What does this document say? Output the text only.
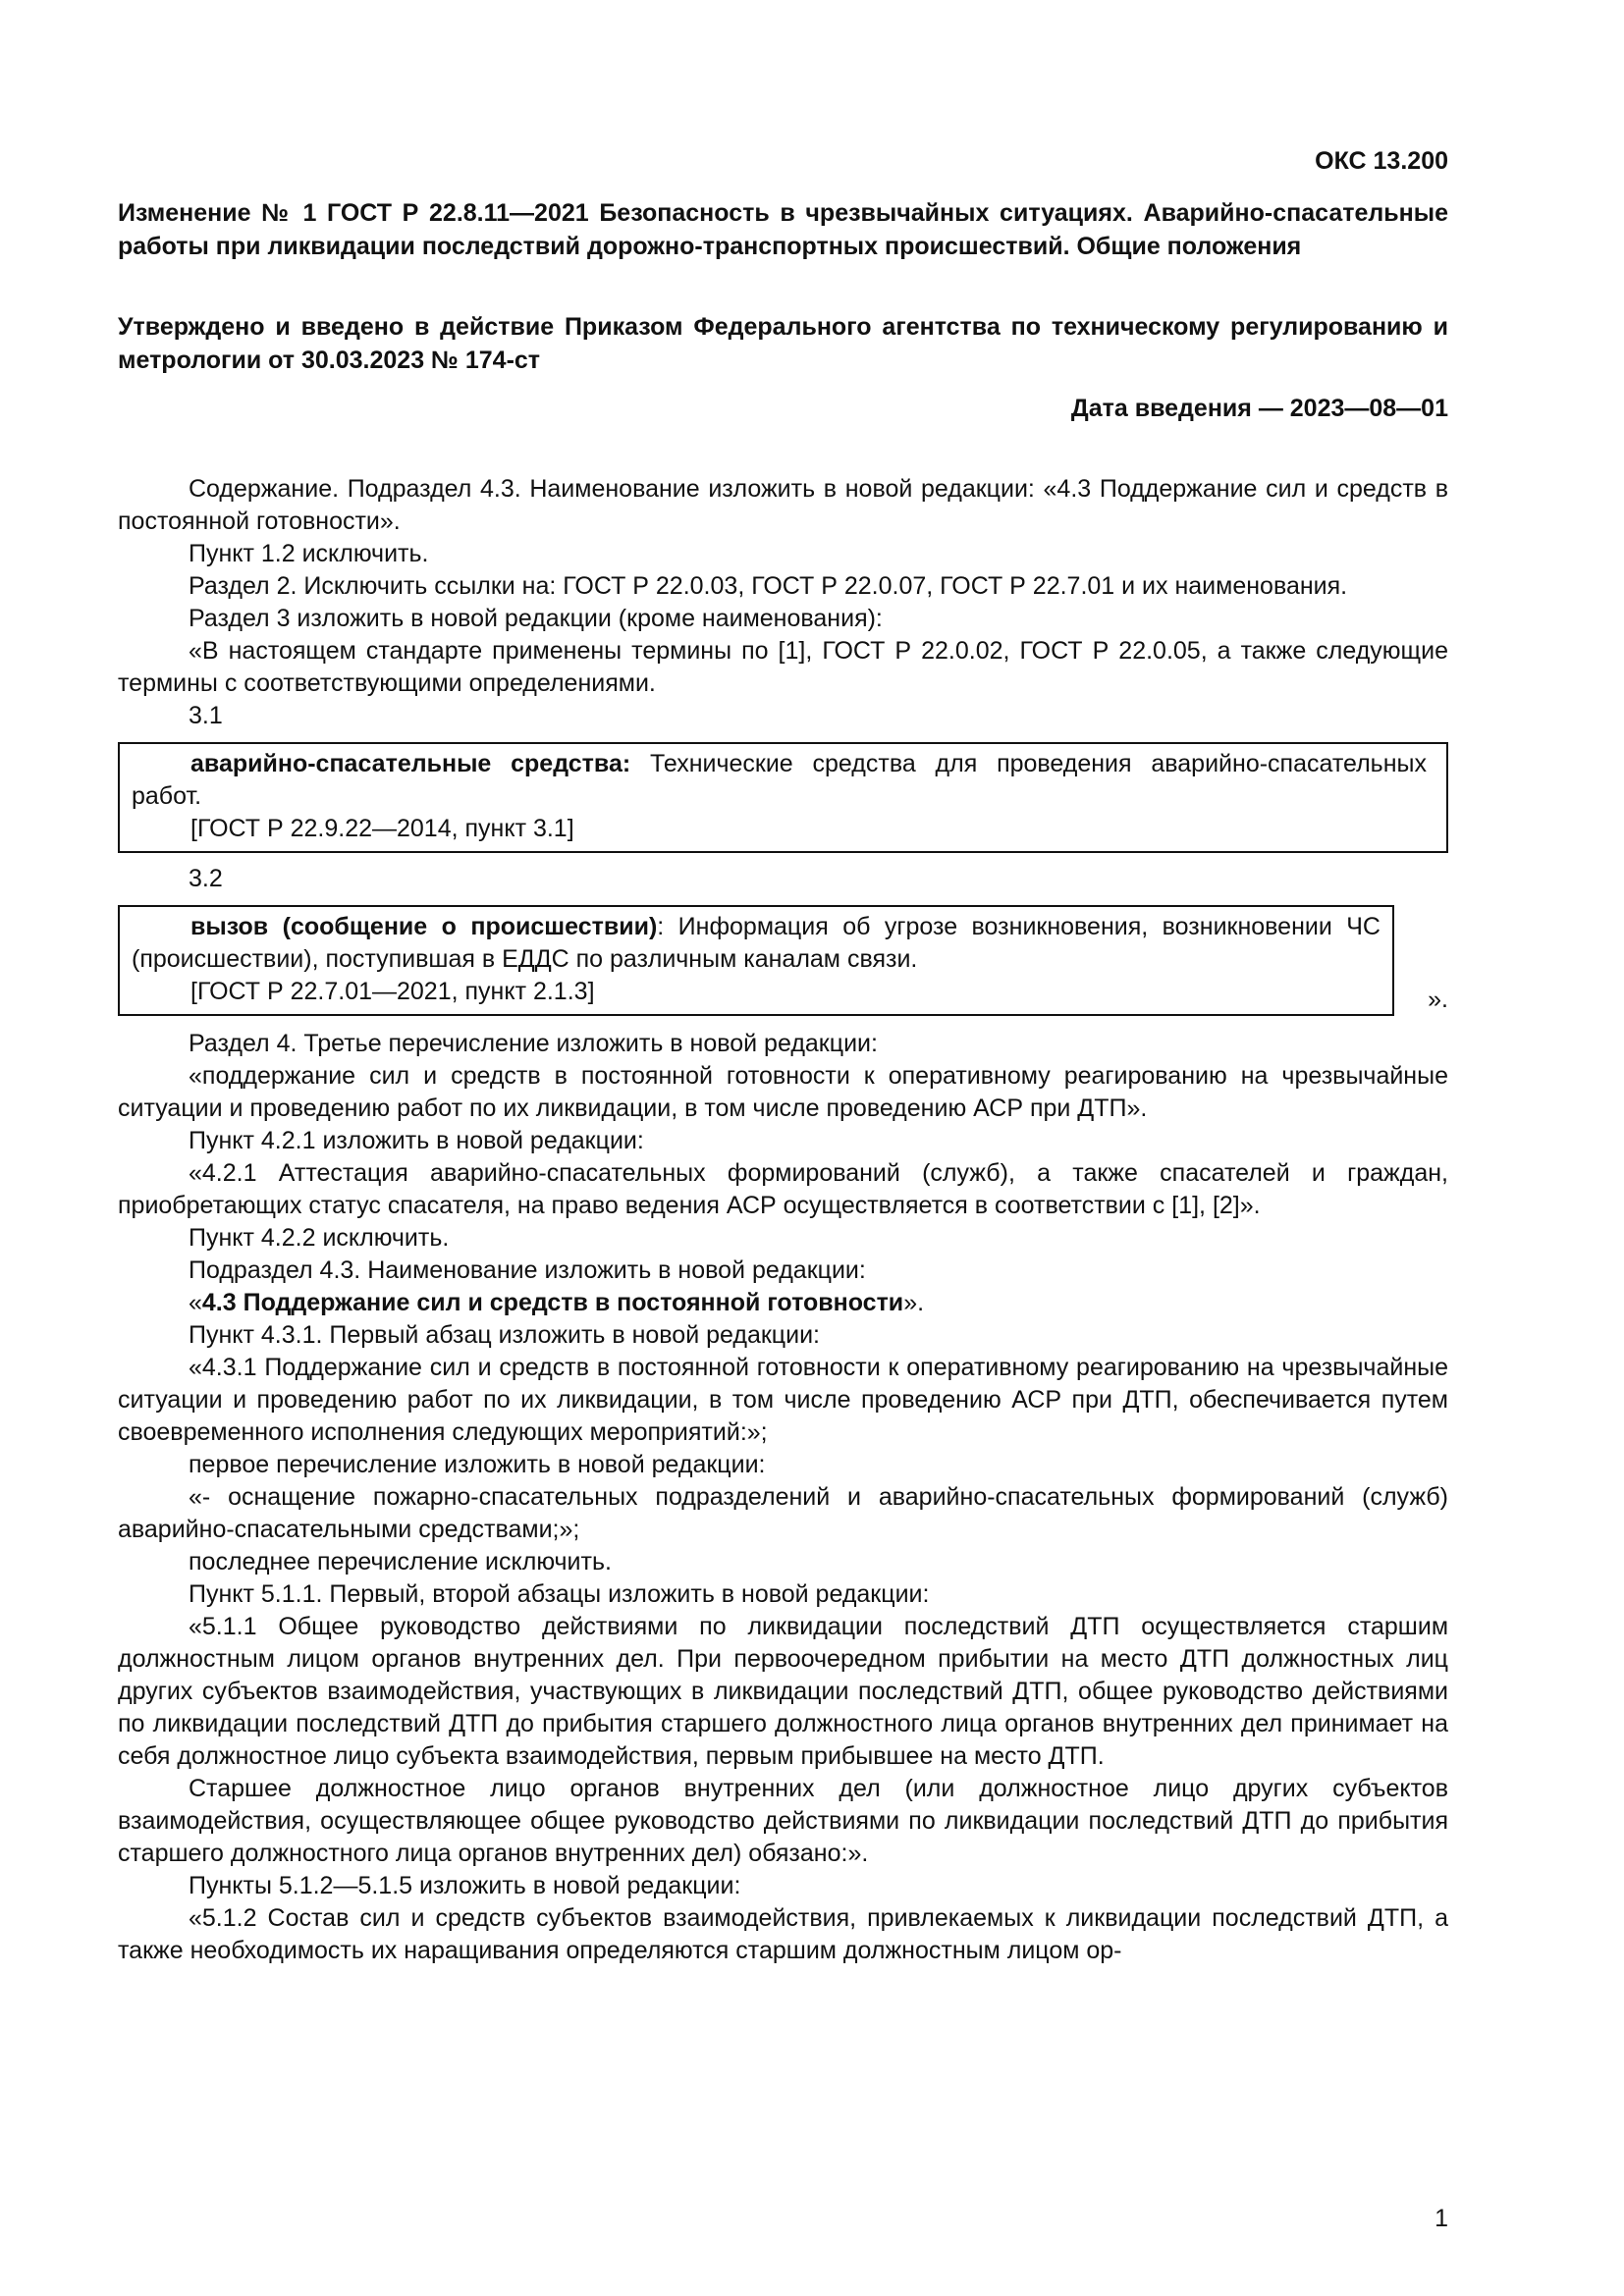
ОКС 13.200
Изменение № 1 ГОСТ Р 22.8.11—2021 Безопасность в чрезвычайных ситуациях. Аварийно-спасательные работы при ликвидации последствий дорожно-транспортных происшествий. Общие положения
Утверждено и введено в действие Приказом Федерального агентства по техническому регулированию и метрологии от 30.03.2023 № 174-ст
Дата введения — 2023—08—01

Содержание. Подраздел 4.3. Наименование изложить в новой редакции: «4.3 Поддержание сил и средств в постоянной готовности».

Пункт 1.2 исключить.

Раздел 2. Исключить ссылки на: ГОСТ Р 22.0.03, ГОСТ Р 22.0.07, ГОСТ Р 22.7.01 и их наименования.

Раздел 3 изложить в новой редакции (кроме наименования):

«В настоящем стандарте применены термины по [1], ГОСТ Р 22.0.02, ГОСТ Р 22.0.05, а также следующие термины с соответствующими определениями.

3.1

аварийно-спасательные средства: Технические средства для проведения аварийно-спасательных работ.
[ГОСТ Р 22.9.22—2014, пункт 3.1]

3.2

вызов (сообщение о происшествии): Информация об угрозе возникновения, возникновении ЧС (происшествии), поступившая в ЕДДС по различным каналам связи.
[ГОСТ Р 22.7.01—2021, пункт 2.1.3]	».

Раздел 4. Третье перечисление изложить в новой редакции:

«поддержание сил и средств в постоянной готовности к оперативному реагированию на чрезвычайные ситуации и проведению работ по их ликвидации, в том числе проведению АСР при ДТП».

Пункт 4.2.1 изложить в новой редакции:

«4.2.1 Аттестация аварийно-спасательных формирований (служб), а также спасателей и граждан, приобретающих статус спасателя, на право ведения АСР осуществляется в соответствии с [1], [2]».

Пункт 4.2.2 исключить.

Подраздел 4.3. Наименование изложить в новой редакции:

«4.3 Поддержание сил и средств в постоянной готовности».

Пункт 4.3.1. Первый абзац изложить в новой редакции:

«4.3.1 Поддержание сил и средств в постоянной готовности к оперативному реагированию на чрезвычайные ситуации и проведению работ по их ликвидации, в том числе проведению АСР при ДТП, обеспечивается путем своевременного исполнения следующих мероприятий:»;

первое перечисление изложить в новой редакции:

«- оснащение пожарно-спасательных подразделений и аварийно-спасательных формирований (служб) аварийно-спасательными средствами;»;

последнее перечисление исключить.

Пункт 5.1.1. Первый, второй абзацы изложить в новой редакции:

«5.1.1 Общее руководство действиями по ликвидации последствий ДТП осуществляется старшим должностным лицом органов внутренних дел. При первоочередном прибытии на место ДТП должностных лиц других субъектов взаимодействия, участвующих в ликвидации последствий ДТП, общее руководство действиями по ликвидации последствий ДТП до прибытия старшего должностного лица органов внутренних дел принимает на себя должностное лицо субъекта взаимодействия, первым прибывшее на место ДТП.

Старшее должностное лицо органов внутренних дел (или должностное лицо других субъектов взаимодействия, осуществляющее общее руководство действиями по ликвидации последствий ДТП до прибытия старшего должностного лица органов внутренних дел) обязано:».

Пункты 5.1.2—5.1.5 изложить в новой редакции:

«5.1.2 Состав сил и средств субъектов взаимодействия, привлекаемых к ликвидации последствий ДТП, а также необходимость их наращивания определяются старшим должностным лицом ор-

1
